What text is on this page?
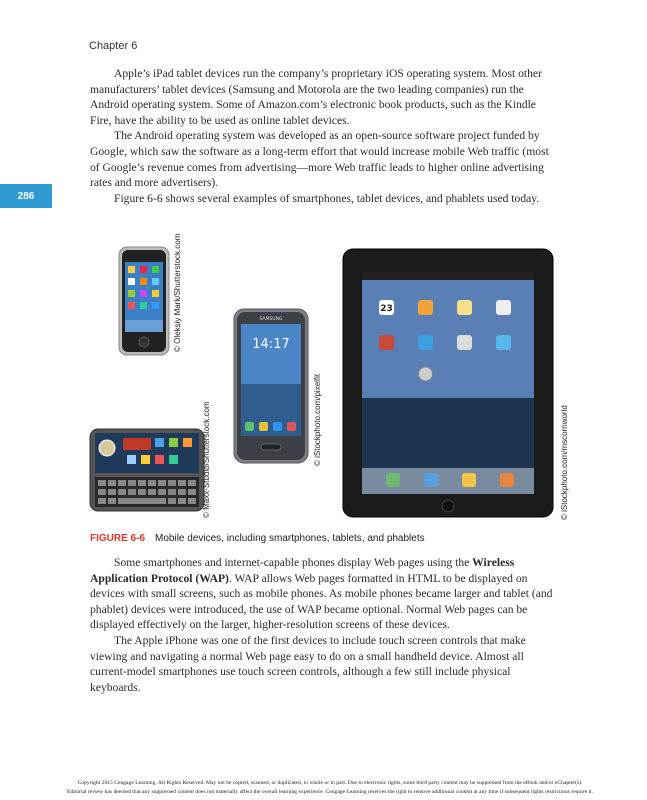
Chapter 6
286

Apple’s iPad tablet devices run the company’s proprietary iOS operating system. Most other manufacturers’ tablet devices (Samsung and Motorola are the two leading companies) run the Android operating system. Some of Amazon.com’s electronic book products, such as the Kindle Fire, have the ability to be used as online tablet devices.

The Android operating system was developed as an open-source software project funded by Google, which saw the software as a long-term effort that would increase mobile Web traffic (most of Google’s revenue comes from advertising—more Web traffic leads to higher online advertising rates and more advertisers).

Figure 6-6 shows several examples of smartphones, tablet devices, and phablets used today.

© Oleksiy Mark/Shutterstock.com
© Maxx-Studio/Shutterstock.com
SAMSUNG
14:17
© iStockphoto.com/pixelfit
23
© iStockphoto.com/mscornworld
FIGURE 6-6 Mobile devices, including smartphones, tablets, and phablets

Some smartphones and internet-capable phones display Web pages using the Wireless Application Protocol (WAP). WAP allows Web pages formatted in HTML to be displayed on devices with small screens, such as mobile phones. As mobile phones became larger and tablet (and phablet) devices were introduced, the use of WAP became optional. Normal Web pages can be displayed effectively on the larger, higher-resolution screens of these devices.

The Apple iPhone was one of the first devices to include touch screen controls that make viewing and navigating a normal Web page easy to do on a small handheld device. Almost all current-model smartphones use touch screen controls, although a few still include physical keyboards.

Copyright 2015 Cengage Learning. All Rights Reserved. May not be copied, scanned, or duplicated, in whole or in part. Due to electronic rights, some third party content may be suppressed from the eBook and/or eChapter(s).
Editorial review has deemed that any suppressed content does not materially affect the overall learning experience. Cengage Learning reserves the right to remove additional content at any time if subsequent rights restrictions require it.
